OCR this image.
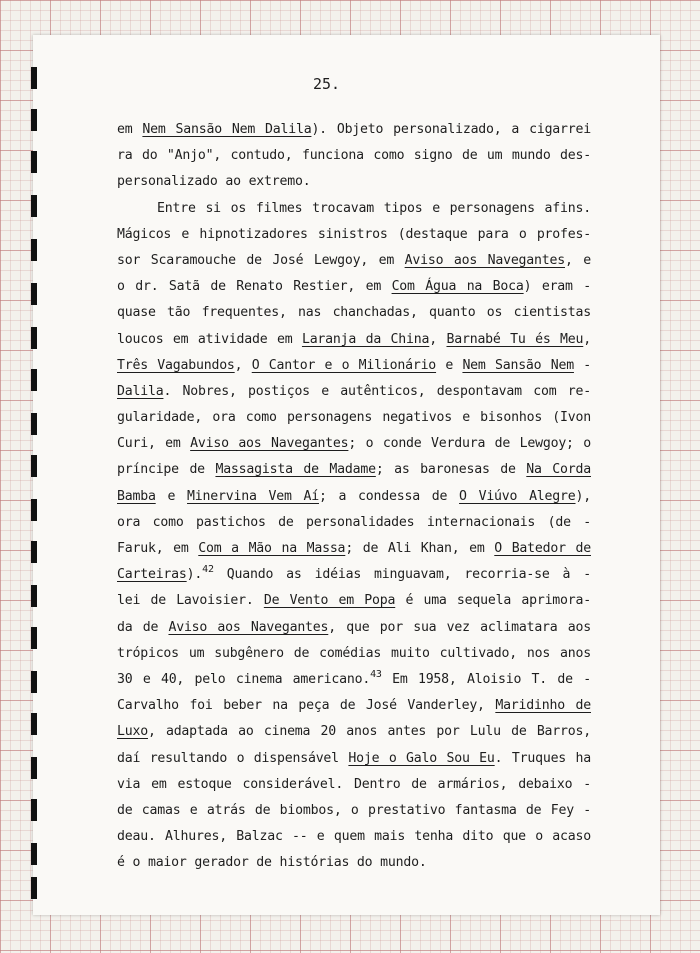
25.
em Nem Sansão Nem Dalila). Objeto personalizado, a cigarrei
ra do "Anjo", contudo, funciona como signo de um mundo des-
personalizado ao extremo.
Entre si os filmes trocavam tipos e personagens afins.
Mágicos e hipnotizadores sinistros (destaque para o profes-
sor Scaramouche de José Lewgoy, em Aviso aos Navegantes, e
o dr. Satã de Renato Restier, em Com Água na Boca) eram -
quase tão frequentes, nas chanchadas, quanto os cientistas
loucos em atividade em Laranja da China, Barnabé Tu és Meu,
Três Vagabundos, O Cantor e o Milionário e Nem Sansão Nem -
Dalila. Nobres, postiços e autênticos, despontavam com re-
gularidade, ora como personagens negativos e bisonhos (Ivon
Curi, em Aviso aos Navegantes; o conde Verdura de Lewgoy; o
príncipe de Massagista de Madame; as baronesas de Na Corda
Bamba e Minervina Vem Aí; a condessa de O Viúvo Alegre),
ora como pastichos de personalidades internacionais (de -
Faruk, em Com a Mão na Massa; de Ali Khan, em O Batedor de
Carteiras).$^{42}$ Quando as idéias minguavam, recorria-se à -
lei de Lavoisier. De Vento em Popa é uma sequela aprimora-
da de Aviso aos Navegantes, que por sua vez aclimatara aos
trópicos um subgênero de comédias muito cultivado, nos anos
30 e 40, pelo cinema americano.$^{43}$ Em 1958, Aloisio T. de -
Carvalho foi beber na peça de José Vanderley, Maridinho de
Luxo, adaptada ao cinema 20 anos antes por Lulu de Barros,
daí resultando o dispensável Hoje o Galo Sou Eu. Truques ha
via em estoque considerável. Dentro de armários, debaixo -
de camas e atrás de biombos, o prestativo fantasma de Fey -
deau. Alhures, Balzac -- e quem mais tenha dito que o acaso
é o maior gerador de histórias do mundo.
